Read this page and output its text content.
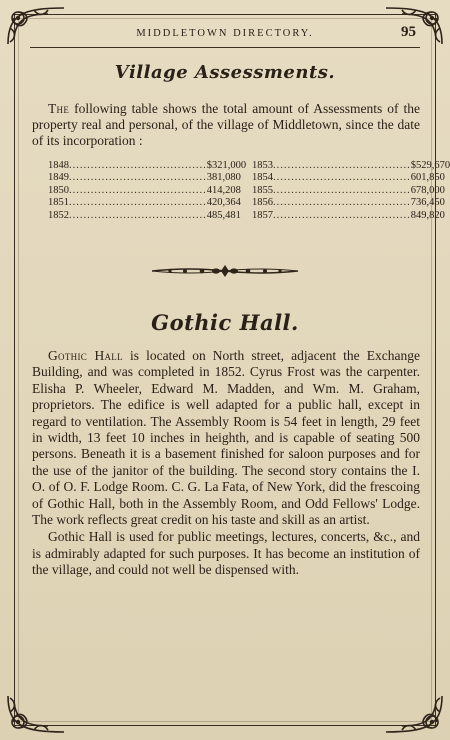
MIDDLETOWN DIRECTORY.	95
Village Assessments.
The following table shows the total amount of Assessments of the property real and personal, of the village of Middletown, since the date of its incorporation :
1848 ...................................... $321,000
1849 ...................................... 381,080
1850 ...................................... 414,208
1851 ...................................... 420,364
1852 ...................................... 485,481
1853 ...................................... $529,670
1854 ...................................... 601,850
1855 ...................................... 678,000
1856 ...................................... 736,450
1857 ...................................... 849,820
Gothic Hall.

Gothic Hall is located on North street, adjacent the Exchange Building, and was completed in 1852. Cyrus Frost was the carpenter. Elisha P. Wheeler, Edward M. Madden, and Wm. M. Graham, proprietors. The edifice is well adapted for a public hall, except in regard to ventilation. The Assembly Room is 54 feet in length, 29 feet in width, 13 feet 10 inches in heighth, and is capable of seating 500 persons. Beneath it is a basement finished for saloon purposes and for the use of the janitor of the building. The second story contains the I. O. of O. F. Lodge Room. C. G. La Fata, of New York, did the frescoing of Gothic Hall, both in the Assembly Room, and Odd Fellows' Lodge. The work reflects great credit on his taste and skill as an artist.

Gothic Hall is used for public meetings, lectures, concerts, &c., and is admirably adapted for such purposes. It has become an institution of the village, and could not well be dispensed with.
